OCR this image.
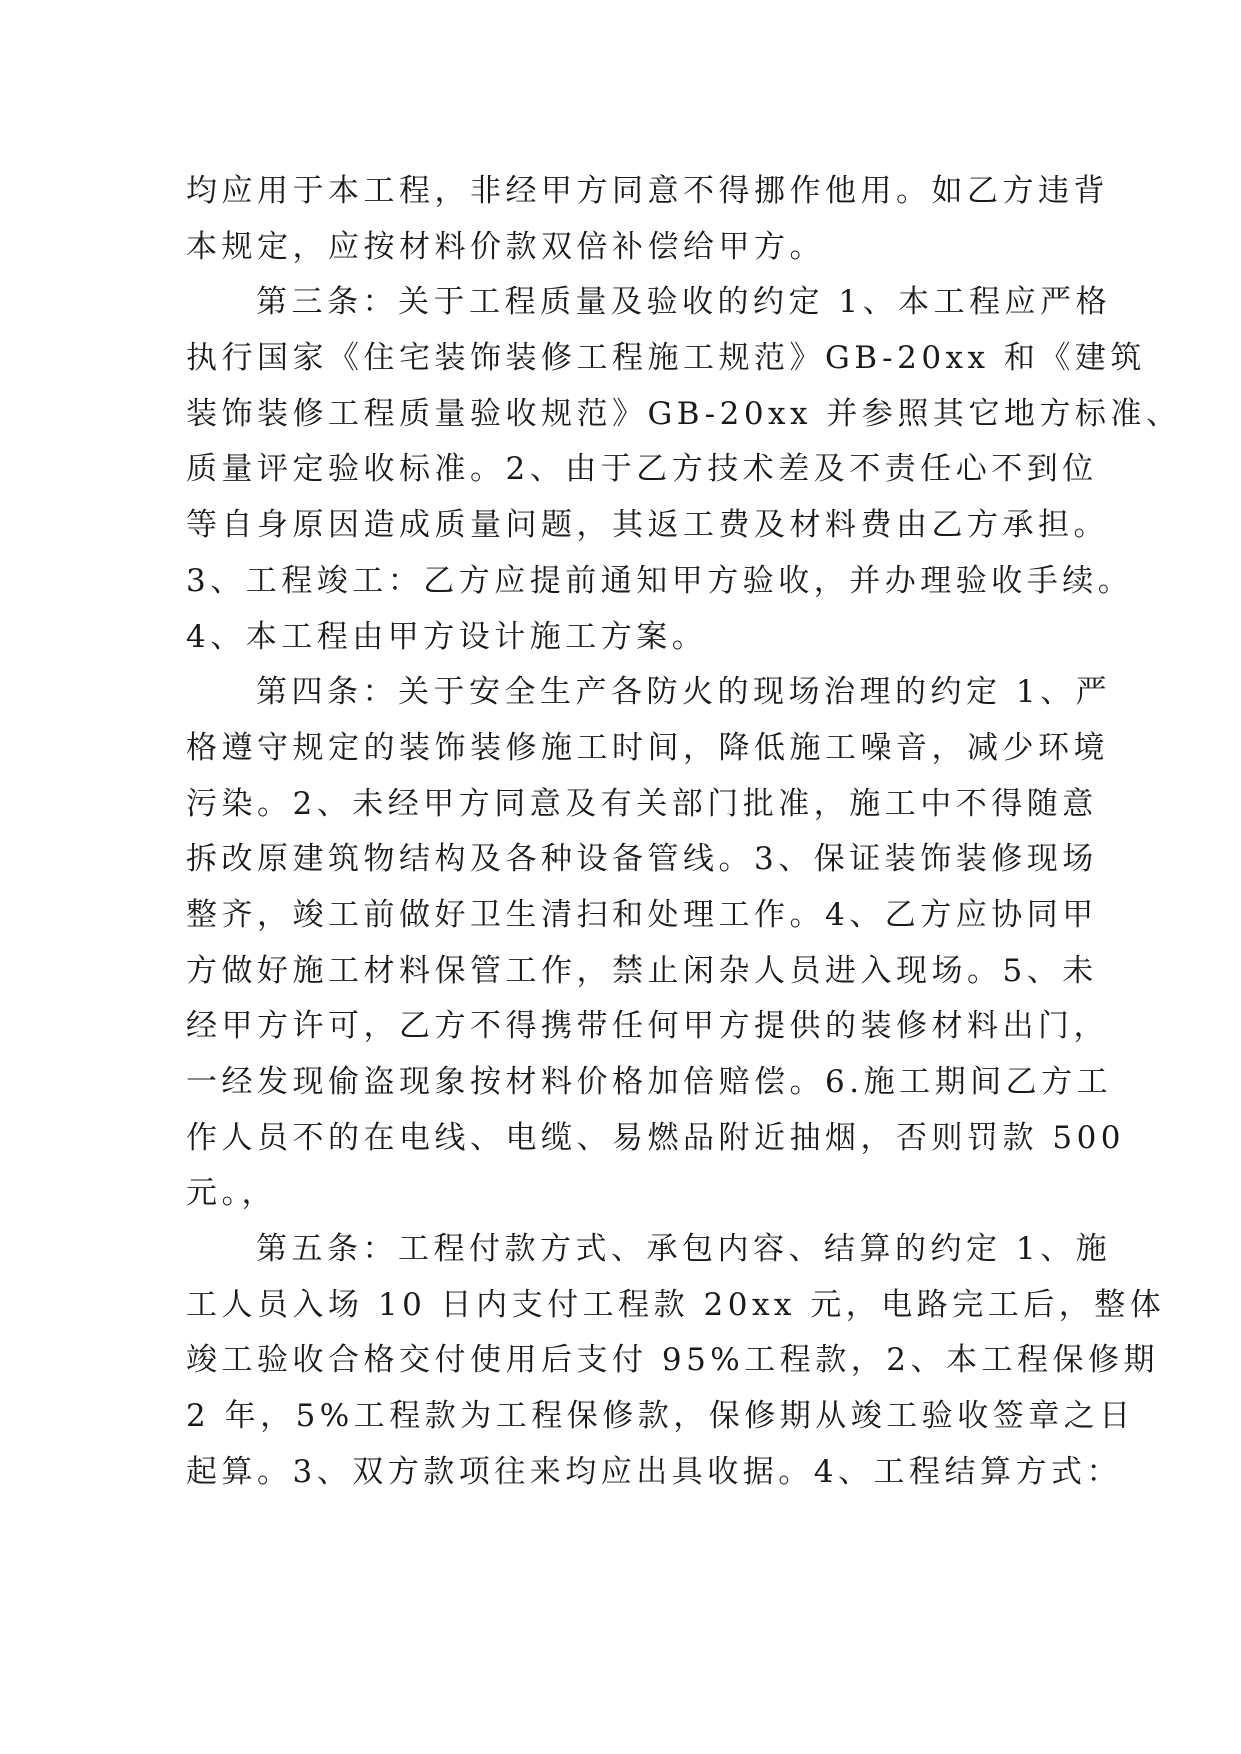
均应用于本工程，非经甲方同意不得挪作他用。如乙方违背
本规定，应按材料价款双倍补偿给甲方。
第三条：关于工程质量及验收的约定 1、本工程应严格
执行国家《住宅装饰装修工程施工规范》GB-20xx 和《建筑
装饰装修工程质量验收规范》GB-20xx 并参照其它地方标准、
质量评定验收标准。2、由于乙方技术差及不责任心不到位
等自身原因造成质量问题，其返工费及材料费由乙方承担。
3、工程竣工：乙方应提前通知甲方验收，并办理验收手续。
4、本工程由甲方设计施工方案。
第四条：关于安全生产各防火的现场治理的约定 1、严
格遵守规定的装饰装修施工时间，降低施工噪音，减少环境
污染。2、未经甲方同意及有关部门批准，施工中不得随意
拆改原建筑物结构及各种设备管线。3、保证装饰装修现场
整齐，竣工前做好卫生清扫和处理工作。4、乙方应协同甲
方做好施工材料保管工作，禁止闲杂人员进入现场。5、未
经甲方许可，乙方不得携带任何甲方提供的装修材料出门，
一经发现偷盗现象按材料价格加倍赔偿。6.施工期间乙方工
作人员不的在电线、电缆、易燃品附近抽烟，否则罚款 500
元。，
第五条：工程付款方式、承包内容、结算的约定 1、施
工人员入场 10 日内支付工程款 20xx 元，电路完工后，整体
竣工验收合格交付使用后支付 95%工程款，2、本工程保修期
2 年，5%工程款为工程保修款，保修期从竣工验收签章之日
起算。3、双方款项往来均应出具收据。4、工程结算方式：
